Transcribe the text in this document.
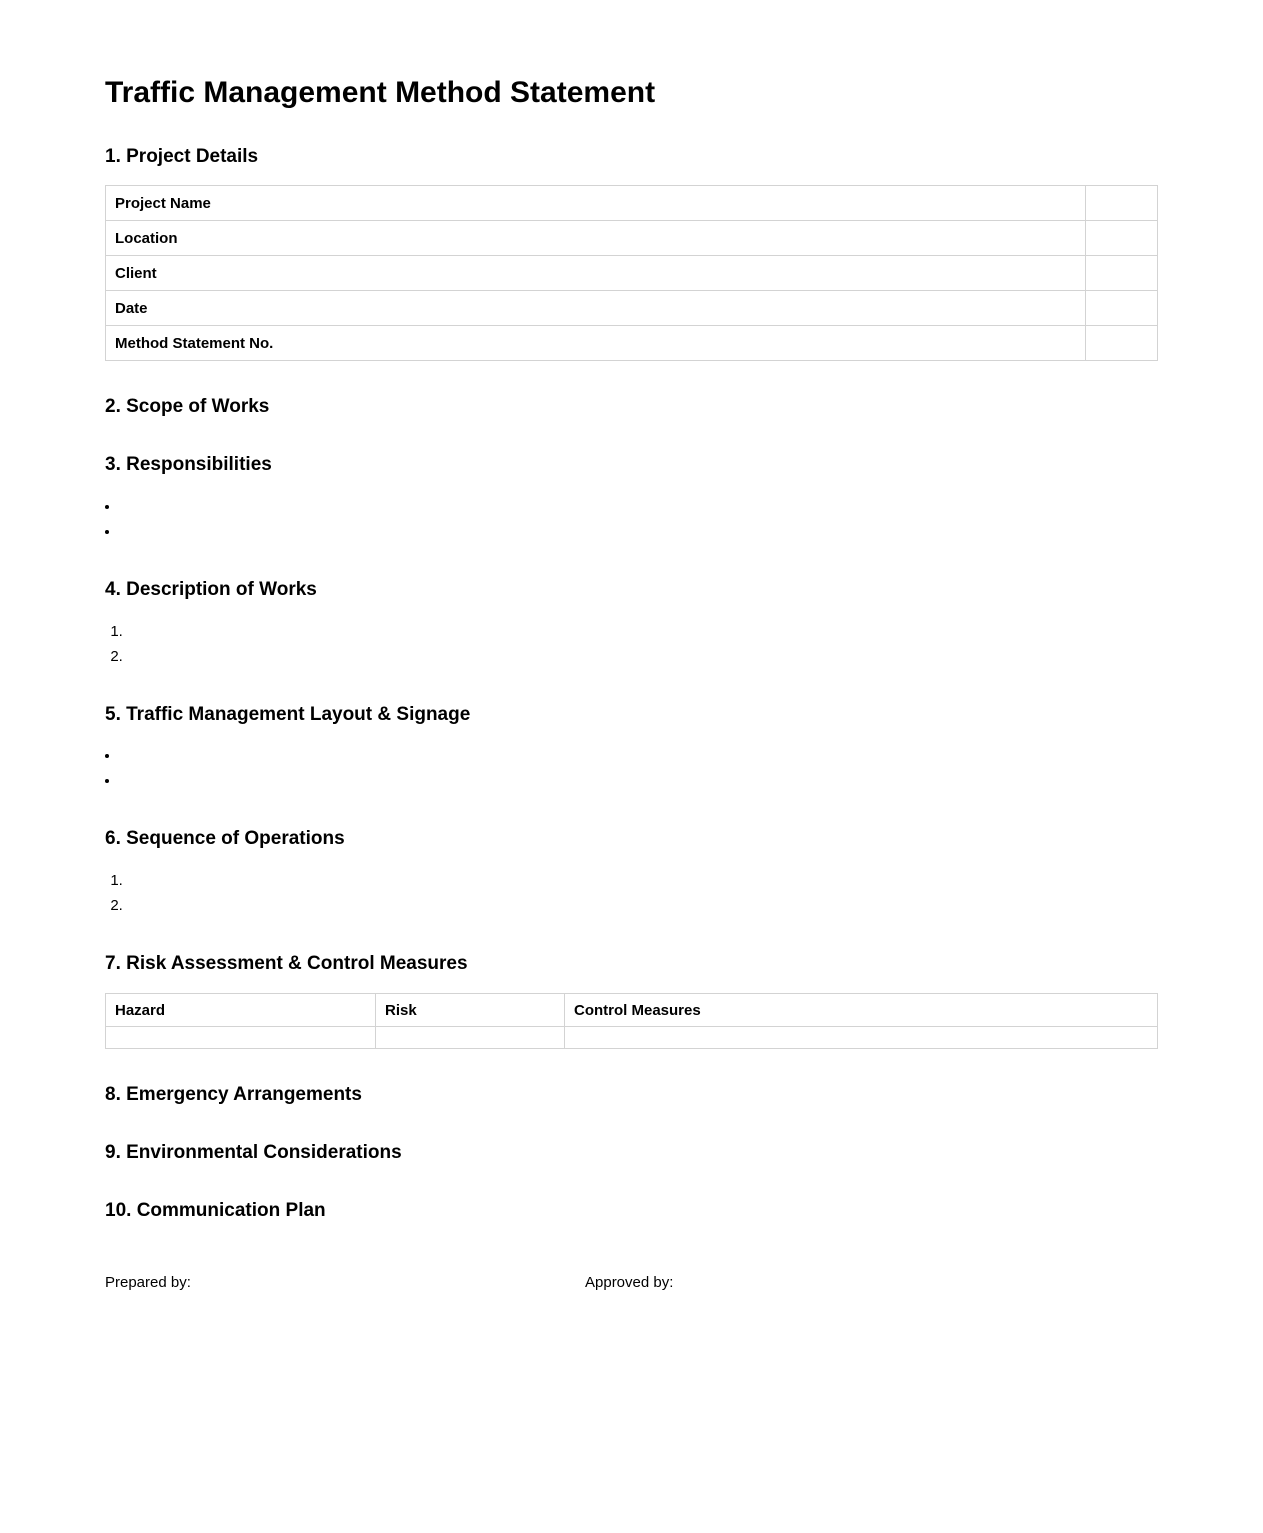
Traffic Management Method Statement
1. Project Details
Project Name	
Location	
Client	
Date	
Method Statement No.	
2. Scope of Works
3. Responsibilities
• ​
• ​
4. Description of Works
1. ​
2. ​
5. Traffic Management Layout & Signage
• ​
• ​
6. Sequence of Operations
1. ​
2. ​
7. Risk Assessment & Control Measures
Hazard	Risk	Control Measures

8. Emergency Arrangements
9. Environmental Considerations
10. Communication Plan
Prepared by:	Approved by:
